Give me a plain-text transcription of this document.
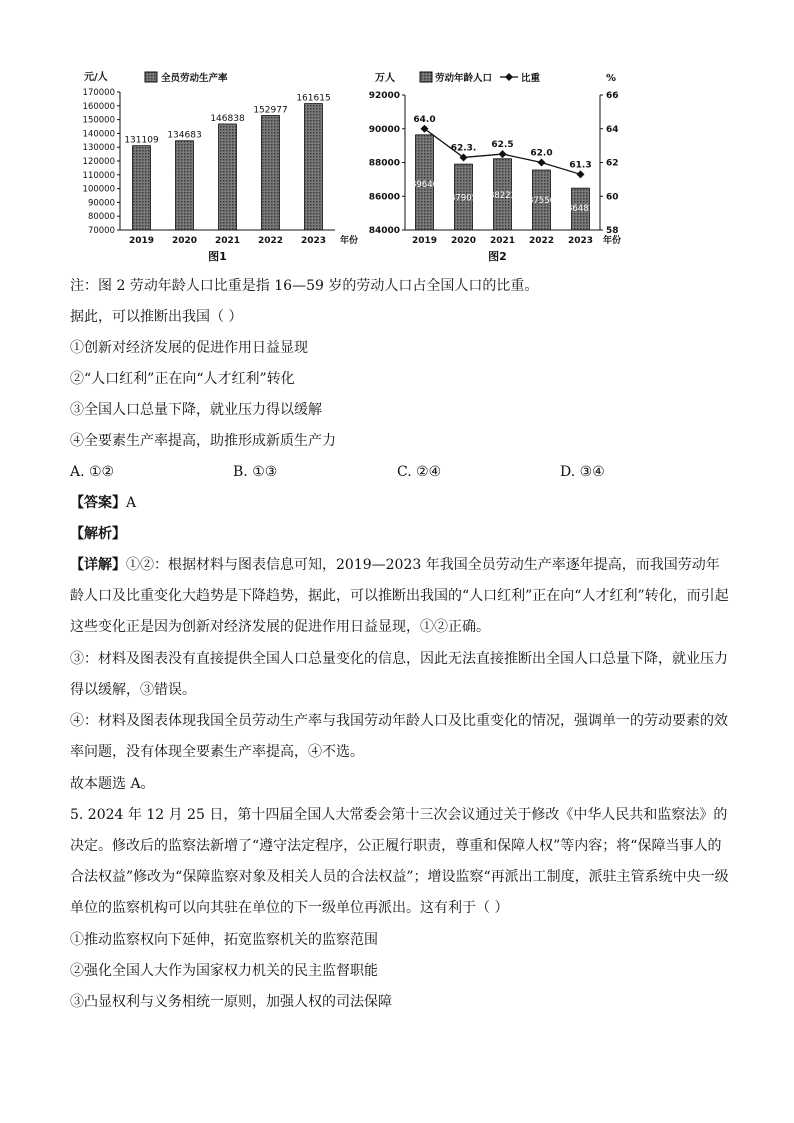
70000
80000
90000
100000
110000
120000
130000
140000
150000
160000
170000
元/人	全员劳动生产率
131109
2019
134683
2020
146838
2021
152977
2022
161615
2023 年份
图1
84000
86000
88000
90000
92000
58
60
62
64
66
万人	%
劳动年龄人口	比重
89640
2019
87905
2020
88222
2021
87556
2022
86481
2023
64.0
62.3. 62.5
62.0
61.3
年份
图2
注：图 2 劳动年龄人口比重是指 16—59 岁的劳动人口占全国人口的比重。
据此，可以推断出我国（ ）
①创新对经济发展的促进作用日益显现
②“人口红利”正在向“人才红利”转化
③全国人口总量下降，就业压力得以缓解
④全要素生产率提高，助推形成新质生产力
A. ①②	B. ①③	C. ②④	D. ③④
【答案】A
【解析】
【详解】①②：根据材料与图表信息可知，2019—2023 年我国全员劳动生产率逐年提高，而我国劳动年龄人口及比重变化大趋势是下降趋势，据此，可以推断出我国的“人口红利”正在向“人才红利”转化，而引起这些变化正是因为创新对经济发展的促进作用日益显现，①②正确。
③：材料及图表没有直接提供全国人口总量变化的信息，因此无法直接推断出全国人口总量下降，就业压力得以缓解，③错误。
④：材料及图表体现我国全员劳动生产率与我国劳动年龄人口及比重变化的情况，强调单一的劳动要素的效率问题，没有体现全要素生产率提高，④不选。
故本题选 A。
5. 2024 年 12 月 25 日，第十四届全国人大常委会第十三次会议通过关于修改《中华人民共和监察法》的决定。修改后的监察法新增了“遵守法定程序，公正履行职责，尊重和保障人权”等内容；将“保障当事人的合法权益”修改为“保障监察对象及相关人员的合法权益”；增设监察“再派出工制度，派驻主管系统中央一级单位的监察机构可以向其驻在单位的下一级单位再派出。这有利于（ ）
①推动监察权向下延伸，拓宽监察机关的监察范围
②强化全国人大作为国家权力机关的民主监督职能
③凸显权利与义务相统一原则，加强人权的司法保障
